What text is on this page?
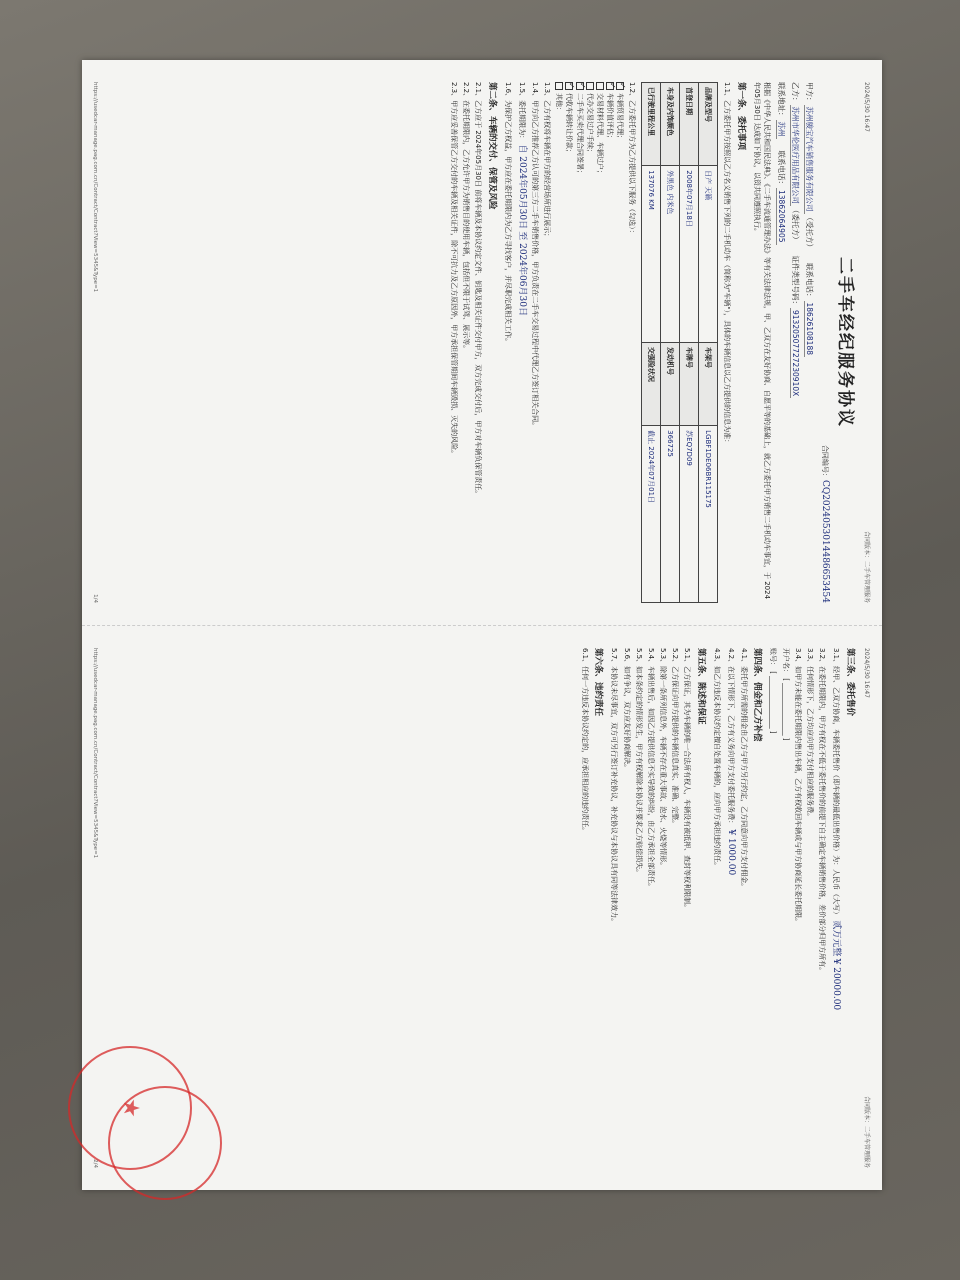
2024/5/30 16:47
合同版本：二手车管理服务
二手车经纪服务协议
合同编号：CQ2024053014486653454
甲方：苏州骏宝汽车销售服务有限公司（受托方）
联系电话：18626108188
乙方：苏州市华伦医疗用品有限公司（委托方）
证件类型号码：91320507727230910X
联系地址：苏州
联系电话：13862064905
根据《中华人民共和国民法典》、《二手车流通管理办法》等有关法律法规，甲、乙双方在友好协商、自愿平等的基础上，就乙方委托甲方销售二手机动车事宜，于 2024年05月30日 达成如下协议，以资共同遵照执行。
第一条、委托事项
1.1、乙方委托甲方按照以乙方名义销售下列的二手机动车（简称为"车辆"），具体的车辆信息以乙方提供的信息为准：
品牌及型号	日产 天籁	车架号	LGBF1DE06BR115175
首登日期	2008年07月18日	车牌号	苏EQ7D09
车身及内饰颜色	外黑色 内米色	发动机号	366725
已行驶里程公里	137076 KM	交强险状况	截止 2024年07月01日
1.2、乙方委托甲方为乙方提供以下服务（勾选）：
✓车辆贸易代理；
✓车辆价值评估；
交易材料代理、车辆过户；
代办交易过户手续；
✓二手车买卖代理合同签署；
✓代收车辆转让价款；
其他：
1.3、乙方有权将车辆在甲方的经营场所进行展示；
1.4、甲方向乙方推荐乙方认可的第三方二手车销售价格，甲方负责在二手车交易过程中代理乙方签订相关合同。
1.5、委托期限为： 自 2024年05月30日 至 2024年06月30日
1.6、为保护乙方权益，甲方应在委托期限内为乙方寻找客户，并尽职完成相关工作。
第二条、车辆的交付、保管及风险
2.1、乙方应于 2024年05月30日 前将车辆及本协议约定文件、钥匙及相关证件交付甲方，双方完成交付后，甲方对车辆负保管责任。
2.2、在委托期限内，乙方允许甲方为销售目的使用车辆，包括但不限于试驾、展示等。
2.3、甲方应妥善保管乙方交付的车辆及相关证件，除不可抗力及乙方原因外，甲方承担保管期间车辆毁损、灭失的风险。
https://usedcar-manage.pag.com.cn/Contract/Contract?View=5345&Type=1
1/4
2024/5/30 16:47
合同版本：二手车管理服务
第三条、委托售价
3.1、经甲、乙双方协商，车辆委托售价（即车辆的最低出售价格）为：人民币（大写） 贰万元整 ¥ 20000.00
3.2、在委托期限内，甲方有权在不低于委托售价的前提下自主确定车辆销售价格，差价部分归甲方所有。
3.3、任何情形下，乙方均应向甲方支付相应的服务费。
3.4、如甲方未能在委托期限内售出车辆，乙方有权收回车辆或与甲方协商延长委托期限。
开户名： [ _______________ ]
账号： [ _______________ ]
第四条、佣金和乙方补偿
4.1、委托甲方所需的佣金由乙方与甲方另行约定，乙方同意向甲方支付佣金。
4.2、在以下情形下，乙方有义务向甲方支付委托服务费： ¥ 1000.00
4.3、如乙方违反本协议约定擅自处置车辆的，应向甲方承担违约责任。
第五条、陈述和保证
5.1、乙方保证，其为车辆的唯一合法所有权人，车辆没有被抵押、查封等权利限制。
5.2、乙方保证向甲方提供的车辆信息真实、准确、完整。
5.3、除第一条所列信息外，车辆不存在重大事故、泡水、火烧等情形。
5.4、车辆出售后，如因乙方提供信息不实导致的纠纷，由乙方承担全部责任。
5.5、如本条约定的情形发生，甲方有权解除本协议并要求乙方赔偿损失。
5.6、如有争议，双方应友好协商解决。
5.7、本协议未尽事宜，双方可另行签订补充协议，补充协议与本协议具有同等法律效力。
第六条、违约责任
6.1、任何一方违反本协议约定的，应承担相应的违约责任。
★
https://usedcar-manage.pag.com.cn/Contract/Contract?View=5345&Type=1
2/4
